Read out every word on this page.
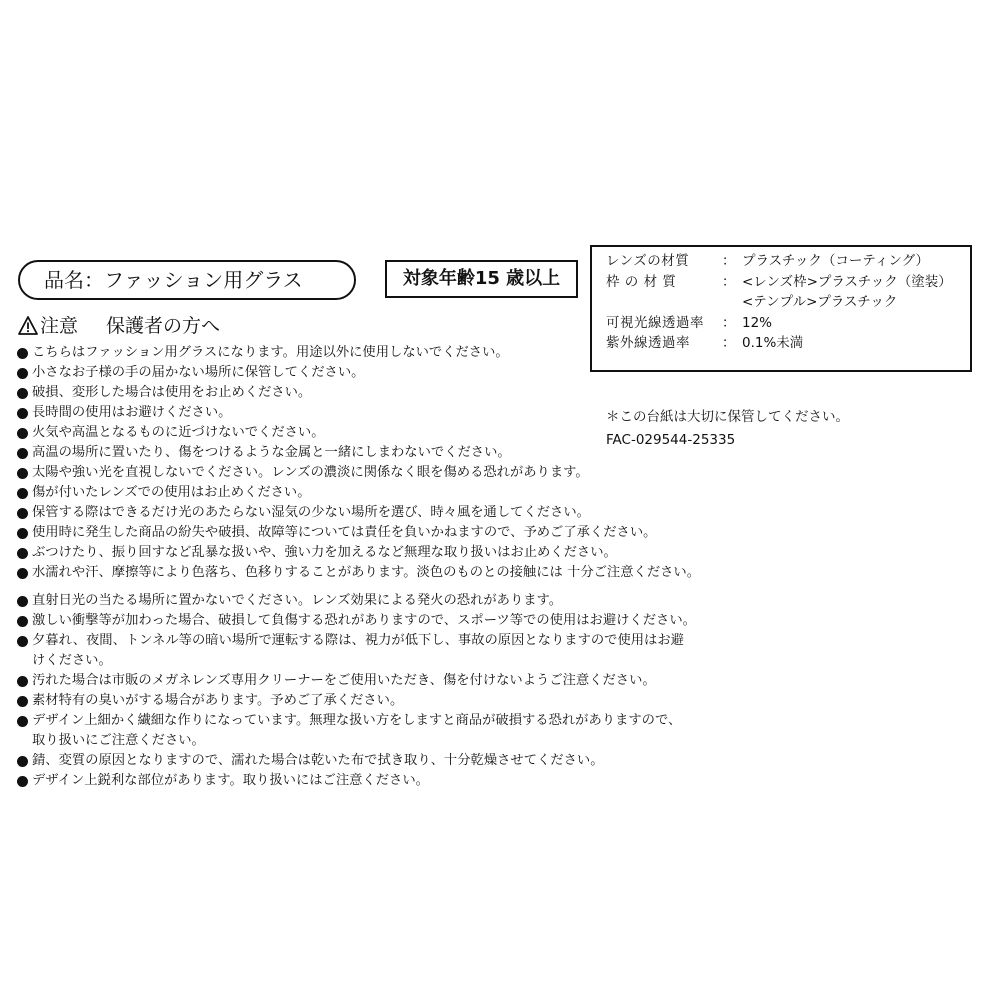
品名：ファッション用グラス	対象年齢15 歳以上
注意 保護者の方へ
レンズの材質	： プラスチック（コーティング）
枠 の 材 質	： <レンズ枠>プラスチック（塗装）
<テンプル>プラスチック
可視光線透過率	： 12%
紫外線透過率	： 0.1%未満
＊この台紙は大切に保管してください。
FAC-029544-25335
こちらはファッション用グラスになります。用途以外に使用しないでください。
小さなお子様の手の届かない場所に保管してください。
破損、変形した場合は使用をお止めください。
長時間の使用はお避けください。
火気や高温となるものに近づけないでください。
高温の場所に置いたり、傷をつけるような金属と一緒にしまわないでください。
太陽や強い光を直視しないでください。レンズの濃淡に関係なく眼を傷める恐れがあります。
傷が付いたレンズでの使用はお止めください。
保管する際はできるだけ光のあたらない湿気の少ない場所を選び、時々風を通してください。
使用時に発生した商品の紛失や破損、故障等については責任を負いかねますので、予めご了承ください。
ぶつけたり、振り回すなど乱暴な扱いや、強い力を加えるなど無理な取り扱いはお止めください。
水濡れや汗、摩擦等により色落ち、色移りすることがあります。淡色のものとの接触には 十分ご注意ください。
直射日光の当たる場所に置かないでください。レンズ効果による発火の恐れがあります。
激しい衝撃等が加わった場合、破損して負傷する恐れがありますので、スポーツ等での使用はお避けください。
夕暮れ、夜間、トンネル等の暗い場所で運転する際は、視力が低下し、事故の原因となりますので使用はお避
けください。
汚れた場合は市販のメガネレンズ専用クリーナーをご使用いただき、傷を付けないようご注意ください。
素材特有の臭いがする場合があります。予めご了承ください。
デザイン上細かく繊細な作りになっています。無理な扱い方をしますと商品が破損する恐れがありますので、
取り扱いにご注意ください。
錆、変質の原因となりますので、濡れた場合は乾いた布で拭き取り、十分乾燥させてください。
デザイン上鋭利な部位があります。取り扱いにはご注意ください。
